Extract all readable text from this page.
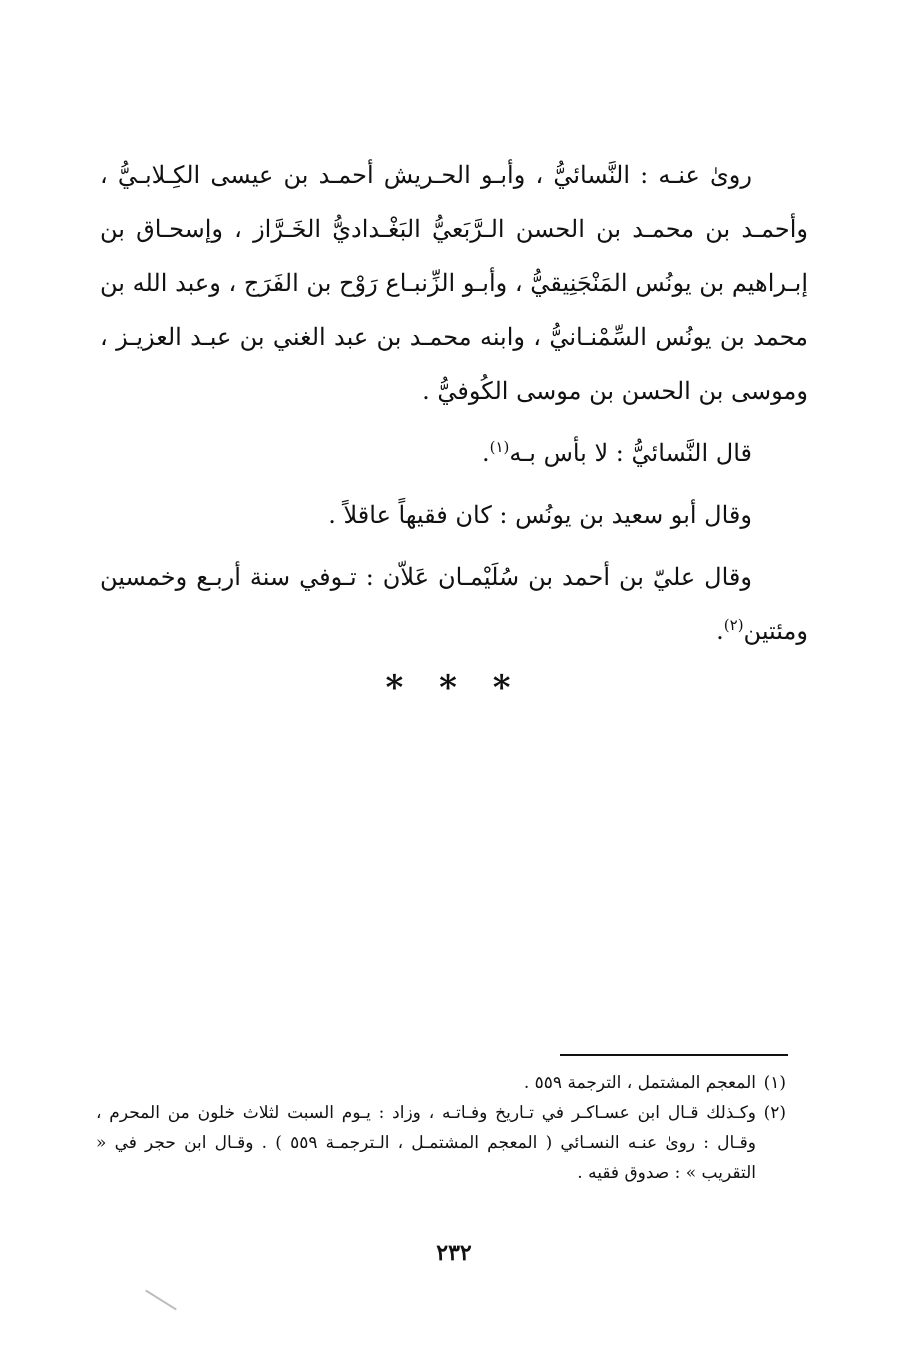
روىٰ عنـه : النَّسائيُّ ، وأبـو الحـريش أحمـد بن عيسى الكِـلابـيُّ ، وأحمـد بن محمـد بن الحسن الـرَّبَعيُّ البَغْـداديُّ الخَـرَّاز ، وإسحـاق بن إبـراهيم بن يونُس المَنْجَنِيقيُّ ، وأبـو الزِّنبـاع رَوْح بن الفَرَج ، وعبد الله بن محمد بن يونُس السِّمْنـانيُّ ، وابنه محمـد بن عبد الغني بن عبـد العزيـز ، وموسى بن الحسن بن موسى الكُوفيُّ .

قال النَّسائيُّ : لا بأس بـه$^{(١)}$.

وقال أبو سعيد بن يونُس : كان فقيهاً عاقلاً .

وقال عليّ بن أحمد بن سُلَيْمـان عَلاّن : تـوفي سنة أربـع وخمسين ومئتين$^{(٢)}$.

* * *
(١)
المعجم المشتمل ، الترجمة ٥٥٩ .
(٢)
وكـذلك قـال ابن عسـاكـر في تـاريخ وفـاتـه ، وزاد : يـوم السبت لثلاث خلون من المحرم ، وقـال : روىٰ عنـه النسـائي ( المعجم المشتمـل ، الـترجمـة ٥٥٩ ) . وقـال ابن حجر في « التقريب » : صدوق فقيه .
٢٣٢
